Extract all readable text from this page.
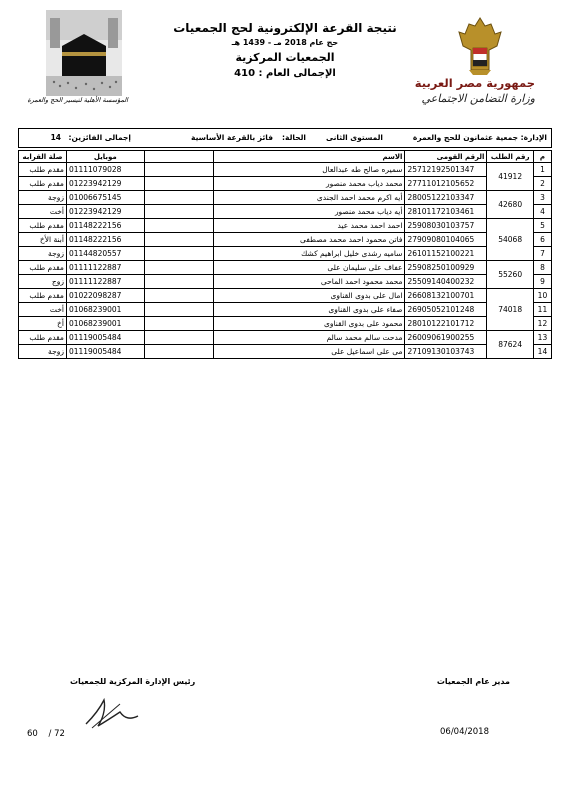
جمهورية مصر العربية
وزارة التضامن الاجتماعي
المؤسسة الأهلية لتيسير الحج والعمرة
نتيجة القرعة الإلكترونية لحج الجمعيات
حج عام 2018 مـ - 1439 هـ
الجمعيات المركزية
الإجمالى العام : 410
الإدارة: جمعية عثمانون للحج والعمرة
المستوى الثانى
الحالة:
فائز بالقرعة الأساسية
إجمالى الفائزين:
14
م	رقم الطلب	الرقم القومى	الاسم		موبايل	صلة القرابه
1	41912	25712192501347	سميره صالح طه عبدالعال		01111079028	مقدم طلب
2		27711012105652	محمد دياب محمد منصور		01223942129	مقدم طلب
3	42680	28005122103347	أيه اكرم محمد احمد الجندى		01006675145	زوجة
4		28101172103461	أيه دياب محمد منصور		01223942129	أخت
5	54068	25908030103757	احمد احمد محمد عيد		01148222156	مقدم طلب
6		27909080104065	فاتن محمود احمد محمد مصطفى		01148222156	أبنة الأخ
7		26101152100221	ساميه رشدى خليل ابراهيم كشك		01144820557	زوجة
8	55260	25908250100929	عفاف على سليمان على		01111122887	مقدم طلب
9		25509140400232	محمد محمود احمد الماحى		01111122887	زوج
10	74018	26608132100701	امال على بدوى القناوى		01022098287	مقدم طلب
11		26905052101248	صفاء على بدوى القناوى		01068239001	أخت
12		28010122101712	محمود على بدوى القناوى		01068239001	أخ
13	87624	26009061900255	مدحت سالم محمد سالم		01119005484	مقدم طلب
14		27109130103743	مى على اسماعيل على		01119005484	زوجة
مدير عام الجمعيات
رئيس الإدارة المركزية للجمعيات
60 / 72	06/04/2018
